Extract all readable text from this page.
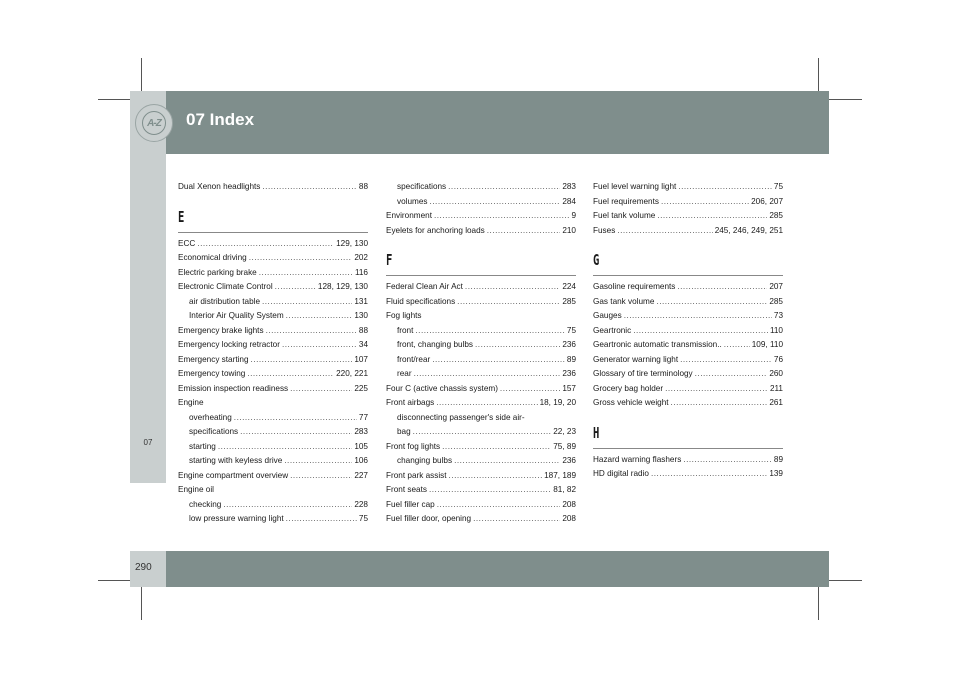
A-Z	07 Index
07
290
Dual Xenon headlights .....	88
E
ECC .....	129, 130
Economical driving .....	202
Electric parking brake .....	116
Electronic Climate Control .....	128, 129, 130
air distribution table .....	131
Interior Air Quality System .....	130
Emergency brake lights .....	88
Emergency locking retractor .....	34
Emergency starting .....	107
Emergency towing .....	220, 221
Emission inspection readiness .....	225
Engine
overheating .....	77
specifications .....	283
starting .....	105
starting with keyless drive .....	106
Engine compartment overview .....	227
Engine oil
checking .....	228
low pressure warning light .....	75
specifications .....	283
volumes .....	284
Environment .....	9
Eyelets for anchoring loads .....	210
F
Federal Clean Air Act .....	224
Fluid specifications .....	285
Fog lights
front .....	75
front, changing bulbs .....	236
front/rear .....	89
rear .....	236
Four C (active chassis system) .....	157
Front airbags .....	18, 19, 20
disconnecting passenger's side air-
bag .....	22, 23
Front fog lights .....	75, 89
changing bulbs .....	236
Front park assist .....	187, 189
Front seats .....	81, 82
Fuel filler cap .....	208
Fuel filler door, opening .....	208
Fuel level warning light .....	75
Fuel requirements .....	206, 207
Fuel tank volume .....	285
Fuses .....	245, 246, 249, 251
G
Gasoline requirements .....	207
Gas tank volume .....	285
Gauges .....	73
Geartronic .....	110
Geartronic automatic transmission.. .....	109, 110
Generator warning light .....	76
Glossary of tire terminology .....	260
Grocery bag holder .....	211
Gross vehicle weight .....	261
H
Hazard warning flashers .....	89
HD digital radio .....	139
